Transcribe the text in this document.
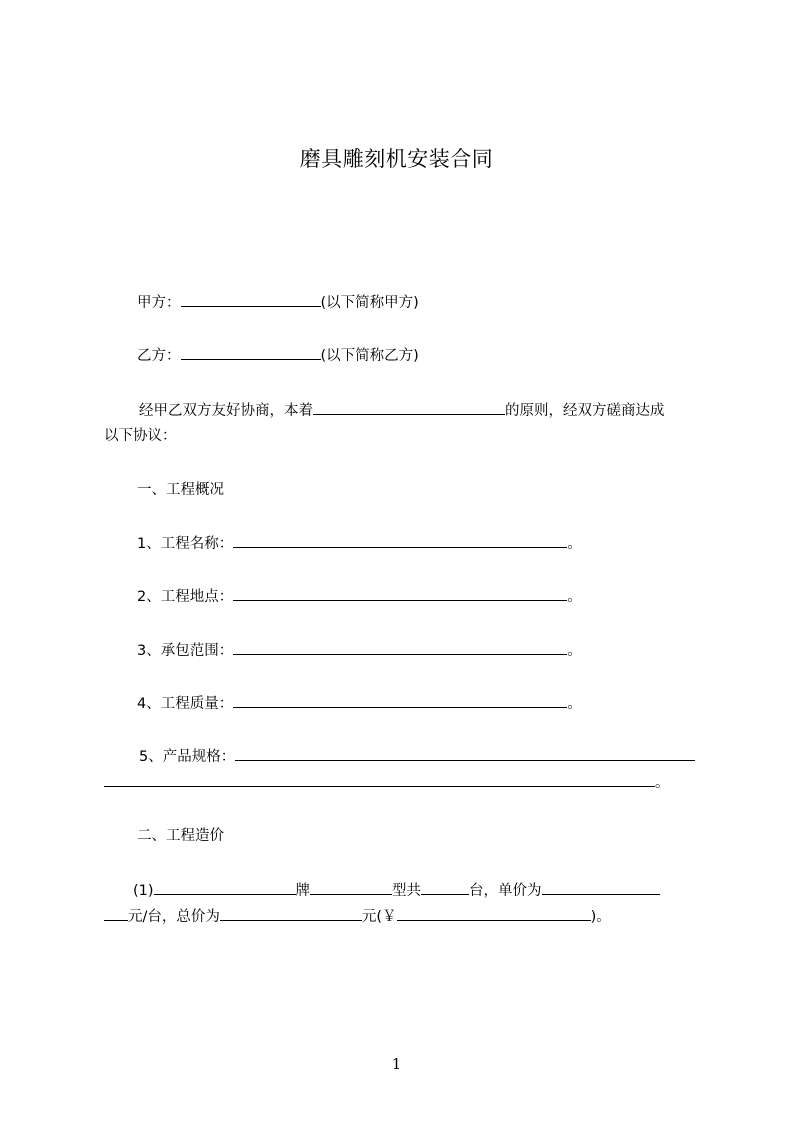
磨具雕刻机安装合同
甲方：	(以下简称甲方)
乙方：	(以下简称乙方)
经甲乙双方友好协商，本着	的原则，经双方磋商达成
以下协议：
一、工程概况
1、工程名称：	。
2、工程地点：	。
3、承包范围：	。
4、工程质量：	。
5、产品规格：
。
二、工程造价
(1)	牌	型共	台，单价为
元/台，总价为	元(￥	)。
1
